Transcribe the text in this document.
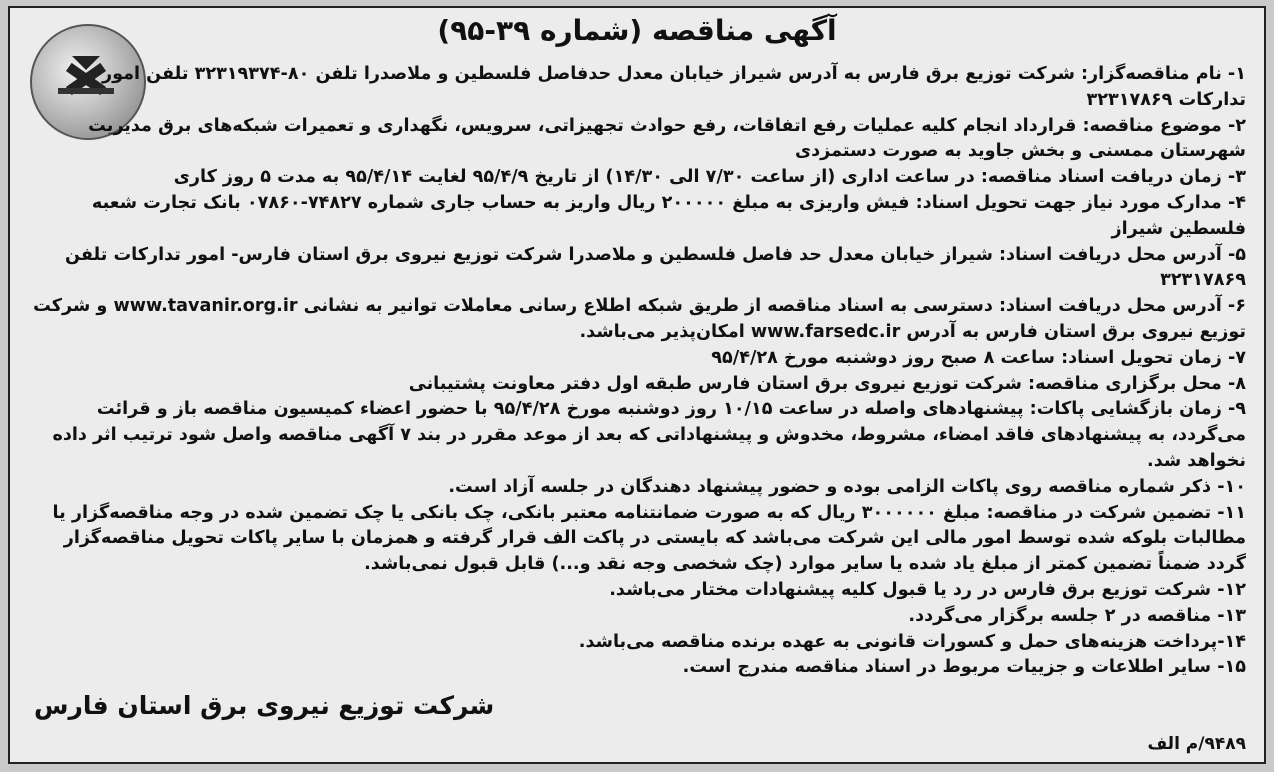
آگهی مناقصه (شماره ۳۹-۹۵)

۱- نام مناقصه‌گزار: شرکت توزیع برق فارس به آدرس شیراز خیابان معدل حدفاصل فلسطین و ملاصدرا تلفن ۸۰-۳۲۳۱۹۳۷۴ تلفن امور تدارکات ۳۲۳۱۷۸۶۹

۲- موضوع مناقصه: قرارداد انجام کلیه عملیات رفع اتفاقات، رفع حوادث تجهیزاتی، سرویس، نگهداری و تعمیرات شبکه‌های برق مدیریت شهرستان ممسنی و بخش جاوید به صورت دستمزدی

۳- زمان دریافت اسناد مناقصه: در ساعت اداری (از ساعت ۷/۳۰ الی ۱۴/۳۰) از تاریخ ۹۵/۴/۹ لغایت ۹۵/۴/۱۴ به مدت ۵ روز کاری

۴- مدارک مورد نیاز جهت تحویل اسناد: فیش واریزی به مبلغ ۲۰۰۰۰۰ ریال واریز به حساب جاری شماره ۷۴۸۲۷-۰۷۸۶۰ بانک تجارت شعبه فلسطین شیراز

۵- آدرس محل دریافت اسناد: شیراز خیابان معدل حد فاصل فلسطین و ملاصدرا شرکت توزیع نیروی برق استان فارس- امور تدارکات تلفن ۳۲۳۱۷۸۶۹

۶- آدرس محل دریافت اسناد: دسترسی به اسناد مناقصه از طریق شبکه اطلاع رسانی معاملات توانیر به نشانی www.tavanir.org.ir و شرکت توزیع نیروی برق استان فارس به آدرس www.farsedc.ir امکان‌پذیر می‌باشد.

۷- زمان تحویل اسناد: ساعت ۸ صبح روز دوشنبه مورخ ۹۵/۴/۲۸

۸- محل برگزاری مناقصه: شرکت توزیع نیروی برق استان فارس طبقه اول دفتر معاونت پشتیبانی

۹- زمان بازگشایی پاکات: پیشنهادهای واصله در ساعت ۱۰/۱۵ روز دوشنبه مورخ ۹۵/۴/۲۸ با حضور اعضاء کمیسیون مناقصه باز و قرائت می‌گردد، به پیشنهادهای فاقد امضاء، مشروط، مخدوش و پیشنهاداتی که بعد از موعد مقرر در بند ۷ آگهی مناقصه واصل شود ترتیب اثر داده نخواهد شد.

۱۰- ذکر شماره مناقصه روی پاکات الزامی بوده و حضور پیشنهاد دهندگان در جلسه آزاد است.

۱۱- تضمین شرکت در مناقصه: مبلغ ۳۰۰۰۰۰۰ ریال که به صورت ضمانتنامه معتبر بانکی، چک بانکی یا چک تضمین شده در وجه مناقصه‌گزار یا مطالبات بلوکه شده توسط امور مالی این شرکت می‌باشد که بایستی در پاکت الف قرار گرفته و همزمان با سایر پاکات تحویل مناقصه‌گزار گردد ضمناً تضمین کمتر از مبلغ یاد شده یا سایر موارد (چک شخصی وجه نقد و...) قابل قبول نمی‌باشد.

۱۲- شرکت توزیع برق فارس در رد یا قبول کلیه پیشنهادات مختار می‌باشد.

۱۳- مناقصه در ۲ جلسه برگزار می‌گردد.

۱۴-پرداخت هزینه‌های حمل و کسورات قانونی به عهده برنده مناقصه می‌باشد.

۱۵- سایر اطلاعات و جزییات مربوط در اسناد مناقصه مندرج است.

شرکت توزیع نیروی برق استان فارس
۹۴۸۹/م الف
